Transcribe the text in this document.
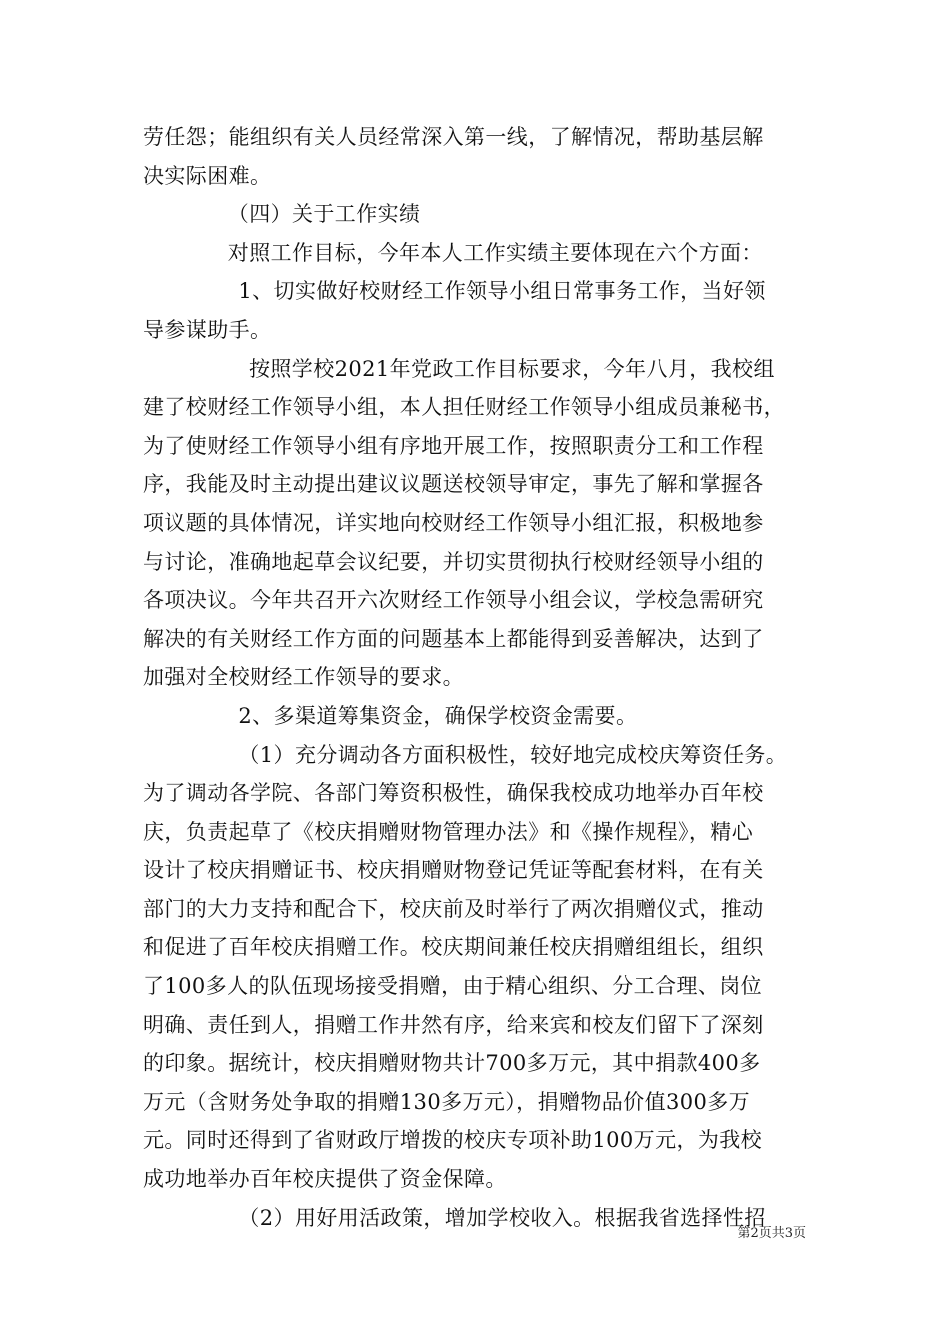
劳任怨；能组织有关人员经常深入第一线，了解情况，帮助基层解
决实际困难。
（四）关于工作实绩
对照工作目标，今年本人工作实绩主要体现在六个方面：
1、切实做好校财经工作领导小组日常事务工作，当好领
导参谋助手。
按照学校2021年党政工作目标要求，今年八月，我校组
建了校财经工作领导小组，本人担任财经工作领导小组成员兼秘书，
为了使财经工作领导小组有序地开展工作，按照职责分工和工作程
序，我能及时主动提出建议议题送校领导审定，事先了解和掌握各
项议题的具体情况，详实地向校财经工作领导小组汇报，积极地参
与讨论，准确地起草会议纪要，并切实贯彻执行校财经领导小组的
各项决议。今年共召开六次财经工作领导小组会议，学校急需研究
解决的有关财经工作方面的问题基本上都能得到妥善解决，达到了
加强对全校财经工作领导的要求。
2、多渠道筹集资金，确保学校资金需要。
（1）充分调动各方面积极性，较好地完成校庆筹资任务。
为了调动各学院、各部门筹资积极性，确保我校成功地举办百年校
庆，负责起草了《校庆捐赠财物管理办法》和《操作规程》，精心
设计了校庆捐赠证书、校庆捐赠财物登记凭证等配套材料，在有关
部门的大力支持和配合下，校庆前及时举行了两次捐赠仪式，推动
和促进了百年校庆捐赠工作。校庆期间兼任校庆捐赠组组长，组织
了100多人的队伍现场接受捐赠，由于精心组织、分工合理、岗位
明确、责任到人，捐赠工作井然有序，给来宾和校友们留下了深刻
的印象。据统计，校庆捐赠财物共计700多万元，其中捐款400多
万元（含财务处争取的捐赠130多万元），捐赠物品价值300多万
元。同时还得到了省财政厅增拨的校庆专项补助100万元，为我校
成功地举办百年校庆提供了资金保障。
（2）用好用活政策，增加学校收入。根据我省选择性招
第2页共3页
